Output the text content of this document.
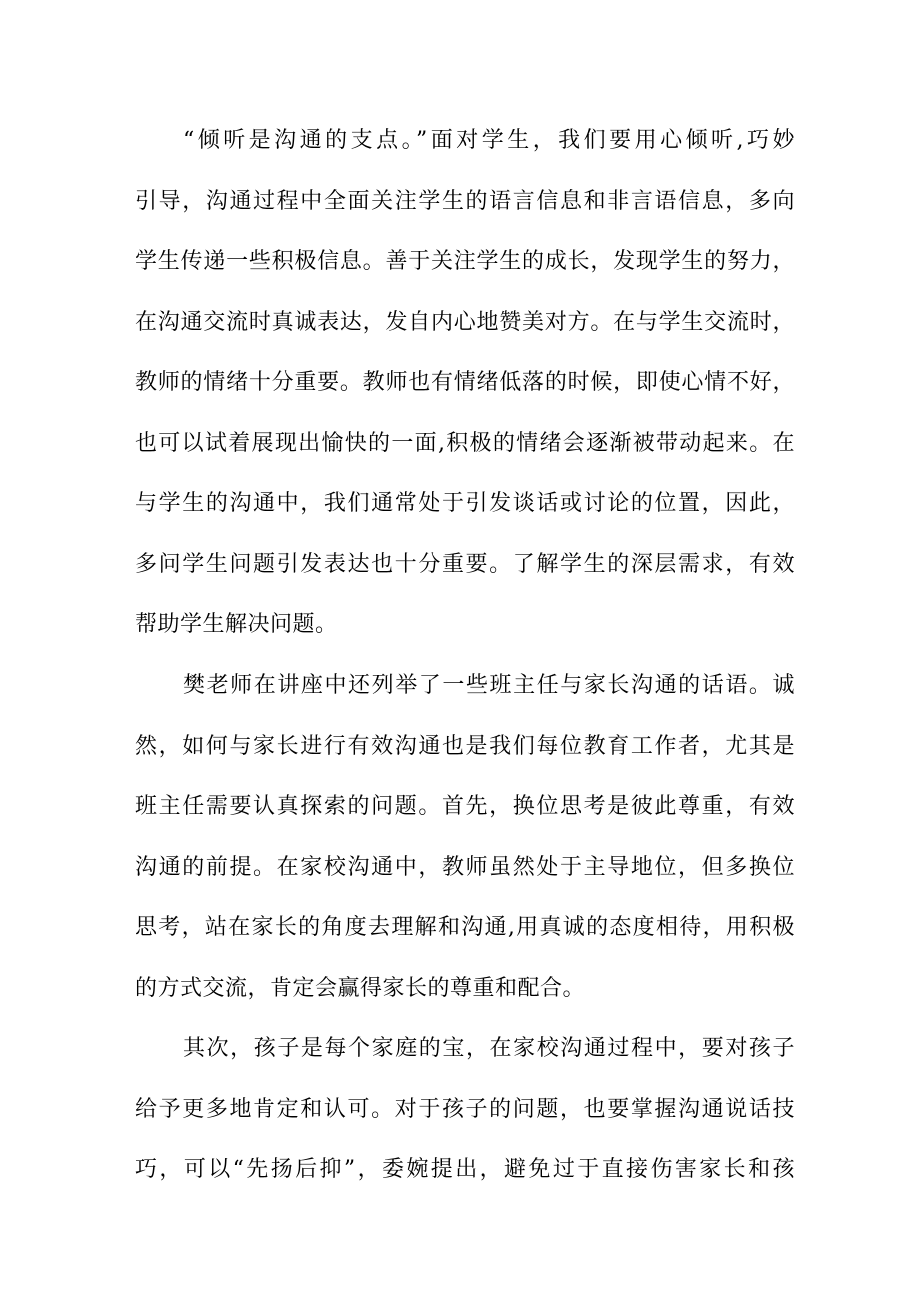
“倾听是沟通的支点。”面对学生，我们要用心倾听,巧妙
引导，沟通过程中全面关注学生的语言信息和非言语信息，多向
学生传递一些积极信息。善于关注学生的成长，发现学生的努力，
在沟通交流时真诚表达，发自内心地赞美对方。在与学生交流时，
教师的情绪十分重要。教师也有情绪低落的时候，即使心情不好，
也可以试着展现出愉快的一面,积极的情绪会逐渐被带动起来。在
与学生的沟通中，我们通常处于引发谈话或讨论的位置，因此，
多问学生问题引发表达也十分重要。了解学生的深层需求，有效
帮助学生解决问题。
樊老师在讲座中还列举了一些班主任与家长沟通的话语。诚
然，如何与家长进行有效沟通也是我们每位教育工作者，尤其是
班主任需要认真探索的问题。首先，换位思考是彼此尊重，有效
沟通的前提。在家校沟通中，教师虽然处于主导地位，但多换位
思考，站在家长的角度去理解和沟通,用真诚的态度相待，用积极
的方式交流，肯定会赢得家长的尊重和配合。
其次，孩子是每个家庭的宝，在家校沟通过程中，要对孩子
给予更多地肯定和认可。对于孩子的问题，也要掌握沟通说话技
巧，可以“先扬后抑”，委婉提出，避免过于直接伤害家长和孩
